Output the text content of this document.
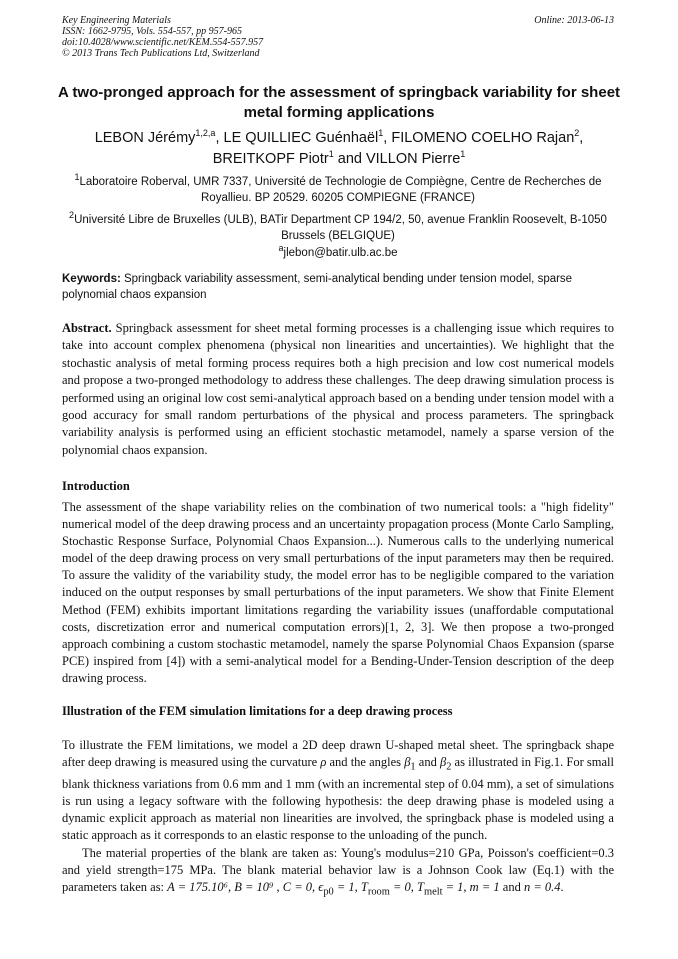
Key Engineering Materials
ISSN: 1662-9795, Vols. 554-557, pp 957-965
doi:10.4028/www.scientific.net/KEM.554-557.957
© 2013 Trans Tech Publications Ltd, Switzerland
Online: 2013-06-13
A two-pronged approach for the assessment of springback variability for sheet metal forming applications
LEBON Jérémy$^{1,2,a}$, LE QUILLIEC Guénhaël$^1$, FILOMENO COELHO Rajan$^2$,
BREITKOPF Piotr$^1$ and VILLON Pierre$^1$
$^1$Laboratoire Roberval, UMR 7337, Université de Technologie de Compiègne, Centre de Recherches de Royallieu. BP 20529. 60205 COMPIEGNE (FRANCE)
$^2$Université Libre de Bruxelles (ULB), BATir Department CP 194/2, 50, avenue Franklin Roosevelt, B-1050 Brussels (BELGIQUE)
$^a$jlebon@batir.ulb.ac.be
Keywords: Springback variability assessment, semi-analytical bending under tension model, sparse polynomial chaos expansion
Abstract. Springback assessment for sheet metal forming processes is a challenging issue which requires to take into account complex phenomena (physical non linearities and uncertainties). We highlight that the stochastic analysis of metal forming process requires both a high precision and low cost numerical models and propose a two-pronged methodology to address these challenges. The deep drawing simulation process is performed using an original low cost semi-analytical approach based on a bending under tension model with a good accuracy for small random perturbations of the physical and process parameters. The springback variability analysis is performed using an efficient stochastic metamodel, namely a sparse version of the polynomial chaos expansion.
Introduction
The assessment of the shape variability relies on the combination of two numerical tools: a "high fidelity" numerical model of the deep drawing process and an uncertainty propagation process (Monte Carlo Sampling, Stochastic Response Surface, Polynomial Chaos Expansion...). Numerous calls to the underlying numerical model of the deep drawing process on very small perturbations of the input parameters may then be required. To assure the validity of the variability study, the model error has to be negligible compared to the variation induced on the output responses by small perturbations of the input parameters. We show that Finite Element Method (FEM) exhibits important limitations regarding the variability issues (unaffordable computational costs, discretization error and numerical computation errors)[1, 2, 3]. We then propose a two-pronged approach combining a custom stochastic metamodel, namely the sparse Polynomial Chaos Expansion (sparse PCE) inspired from [4]) with a semi-analytical model for a Bending-Under-Tension description of the deep drawing process.
Illustration of the FEM simulation limitations for a deep drawing process
To illustrate the FEM limitations, we model a 2D deep drawn U-shaped metal sheet. The springback shape after deep drawing is measured using the curvature ρ and the angles $\beta_1$ and $\beta_2$ as illustrated in Fig.1. For small blank thickness variations from 0.6 mm and 1 mm (with an incremental step of 0.04 mm), a set of simulations is run using a legacy software with the following hypothesis: the deep drawing phase is modeled using a dynamic explicit approach as material non linearities are involved, the springback phase is modeled using a static approach as it corresponds to an elastic response to the unloading of the punch.
The material properties of the blank are taken as: Young's modulus=210 GPa, Poisson's coefficient=0.3 and yield strength=175 MPa. The blank material behavior law is a Johnson Cook law (Eq.1) with the parameters taken as: A = 175.10⁶, B = 10⁹ , C = 0, $\epsilon_{p0} = 1$, $T_{room} = 0$, $T_{melt} = 1$, m = 1 and n = 0.4.
